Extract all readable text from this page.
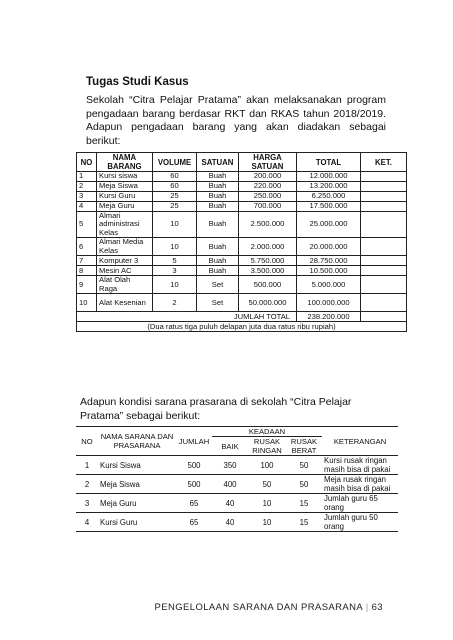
Tugas Studi Kasus
Sekolah “Citra Pelajar Pratama” akan melaksanakan program pengadaan barang berdasar RKT dan RKAS tahun 2018/2019. Adapun pengadaan barang yang akan diadakan sebagai berikut:
NO	NAMA BARANG	VOLUME	SATUAN	HARGA SATUAN	TOTAL	KET.
1	Kursi siswa	60	Buah	200.000	12.000.000	
2	Meja Siswa	60	Buah	220.000	13.200.000	
3	Kursi Guru	25	Buah	250.000	6.250.000	
4	Meja Guru	25	Buah	700.000	17.500.000	
5	Almari administrasi Kelas	10	Buah	2.500.000	25.000.000	
6	Almari Media Kelas	10	Buah	2.000.000	20.000.000	
7	Komputer 3	5	Buah	5.750.000	28.750.000	
8	Mesin AC	3	Buah	3.500.000	10.500.000	
9	Alat Olah Raga	10	Set	500.000	5.000.000	
10	Alat Kesenian	2	Set	50.000.000	100.000.000	
JUMLAH TOTAL					238.200.000	
(Dua ratus tiga puluh delapan juta dua ratus ribu rupiah)						
Adapun kondisi sarana prasarana di sekolah “Citra Pelajar Pratama” sebagai berikut:
NO	NAMA SARANA DAN PRASARANA	JUMLAH	KEADAAN			KETERANGAN
			BAIK	RUSAK RINGAN	RUSAK BERAT	
1	Kursi Siswa	500	350	100	50	Kursi rusak ringan masih bisa di pakai
2	Meja Siswa	500	400	50	50	Meja rusak ringan masih bisa di pakai
3	Meja Guru	65	40	10	15	Jumlah guru 65 orang
4	Kursi Guru	65	40	10	15	Jumlah guru 50 orang
PENGELOLAAN SARANA DAN PRASARANA | 63
